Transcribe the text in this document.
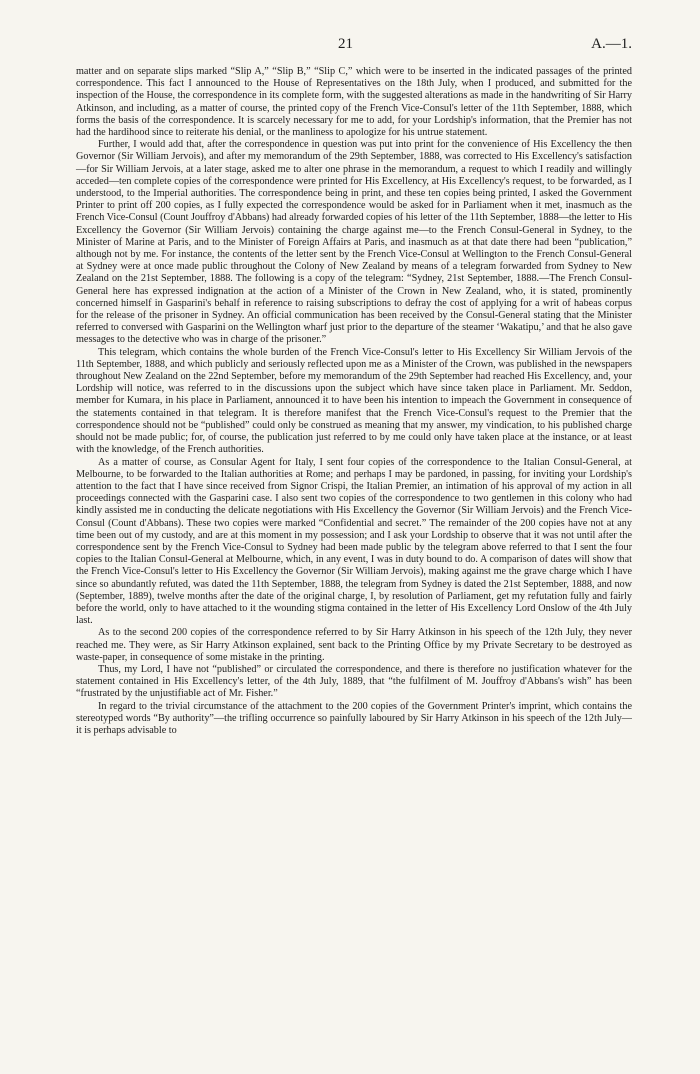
21	A.—1.

matter and on separate slips marked “Slip A,” “Slip B,” “Slip C,” which were to be inserted in the indicated passages of the printed correspondence. This fact I announced to the House of Representatives on the 18th July, when I produced, and submitted for the inspection of the House, the correspondence in its complete form, with the suggested alterations as made in the handwriting of Sir Harry Atkinson, and including, as a matter of course, the printed copy of the French Vice-Consul's letter of the 11th September, 1888, which forms the basis of the correspondence. It is scarcely necessary for me to add, for your Lordship's information, that the Premier has not had the hardihood since to reiterate his denial, or the manliness to apologize for his untrue statement.

Further, I would add that, after the correspondence in question was put into print for the convenience of His Excellency the then Governor (Sir William Jervois), and after my memorandum of the 29th September, 1888, was corrected to His Excellency's satisfaction—for Sir William Jervois, at a later stage, asked me to alter one phrase in the memorandum, a request to which I readily and willingly acceded—ten complete copies of the correspondence were printed for His Excellency, at His Excellency's request, to be forwarded, as I understood, to the Imperial authorities. The correspondence being in print, and these ten copies being printed, I asked the Government Printer to print off 200 copies, as I fully expected the correspondence would be asked for in Parliament when it met, inasmuch as the French Vice-Consul (Count Jouffroy d'Abbans) had already forwarded copies of his letter of the 11th September, 1888—the letter to His Excellency the Governor (Sir William Jervois) containing the charge against me—to the French Consul-General in Sydney, to the Minister of Marine at Paris, and to the Minister of Foreign Affairs at Paris, and inasmuch as at that date there had been “publication,” although not by me. For instance, the contents of the letter sent by the French Vice-Consul at Wellington to the French Consul-General at Sydney were at once made public throughout the Colony of New Zealand by means of a telegram forwarded from Sydney to New Zealand on the 21st September, 1888. The following is a copy of the telegram: “Sydney, 21st September, 1888.—The French Consul-General here has expressed indignation at the action of a Minister of the Crown in New Zealand, who, it is stated, prominently concerned himself in Gasparini's behalf in reference to raising subscriptions to defray the cost of applying for a writ of habeas corpus for the release of the prisoner in Sydney. An official communication has been received by the Consul-General stating that the Minister referred to conversed with Gasparini on the Wellington wharf just prior to the departure of the steamer ‘Wakatipu,’ and that he also gave messages to the detective who was in charge of the prisoner.”

This telegram, which contains the whole burden of the French Vice-Consul's letter to His Excellency Sir William Jervois of the 11th September, 1888, and which publicly and seriously reflected upon me as a Minister of the Crown, was published in the newspapers throughout New Zealand on the 22nd September, before my memorandum of the 29th September had reached His Excellency, and, your Lordship will notice, was referred to in the discussions upon the subject which have since taken place in Parliament. Mr. Seddon, member for Kumara, in his place in Parliament, announced it to have been his intention to impeach the Government in consequence of the statements contained in that telegram. It is therefore manifest that the French Vice-Consul's request to the Premier that the correspondence should not be “published” could only be construed as meaning that my answer, my vindication, to his published charge should not be made public; for, of course, the publication just referred to by me could only have taken place at the instance, or at least with the knowledge, of the French authorities.

As a matter of course, as Consular Agent for Italy, I sent four copies of the correspondence to the Italian Consul-General, at Melbourne, to be forwarded to the Italian authorities at Rome; and perhaps I may be pardoned, in passing, for inviting your Lordship's attention to the fact that I have since received from Signor Crispi, the Italian Premier, an intimation of his approval of my action in all proceedings connected with the Gasparini case. I also sent two copies of the correspondence to two gentlemen in this colony who had kindly assisted me in conducting the delicate negotiations with His Excellency the Governor (Sir William Jervois) and the French Vice-Consul (Count d'Abbans). These two copies were marked “Confidential and secret.” The remainder of the 200 copies have not at any time been out of my custody, and are at this moment in my possession; and I ask your Lordship to observe that it was not until after the correspondence sent by the French Vice-Consul to Sydney had been made public by the telegram above referred to that I sent the four copies to the Italian Consul-General at Melbourne, which, in any event, I was in duty bound to do. A comparison of dates will show that the French Vice-Consul's letter to His Excellency the Governor (Sir William Jervois), making against me the grave charge which I have since so abundantly refuted, was dated the 11th September, 1888, the telegram from Sydney is dated the 21st September, 1888, and now (September, 1889), twelve months after the date of the original charge, I, by resolution of Parliament, get my refutation fully and fairly before the world, only to have attached to it the wounding stigma contained in the letter of His Excellency Lord Onslow of the 4th July last.

As to the second 200 copies of the correspondence referred to by Sir Harry Atkinson in his speech of the 12th July, they never reached me. They were, as Sir Harry Atkinson explained, sent back to the Printing Office by my Private Secretary to be destroyed as waste-paper, in consequence of some mistake in the printing.

Thus, my Lord, I have not “published” or circulated the correspondence, and there is therefore no justification whatever for the statement contained in His Excellency's letter, of the 4th July, 1889, that “the fulfilment of M. Jouffroy d'Abbans's wish” has been “frustrated by the unjustifiable act of Mr. Fisher.”

In regard to the trivial circumstance of the attachment to the 200 copies of the Government Printer's imprint, which contains the stereotyped words “By authority”—the trifling occurrence so painfully laboured by Sir Harry Atkinson in his speech of the 12th July—it is perhaps advisable to
